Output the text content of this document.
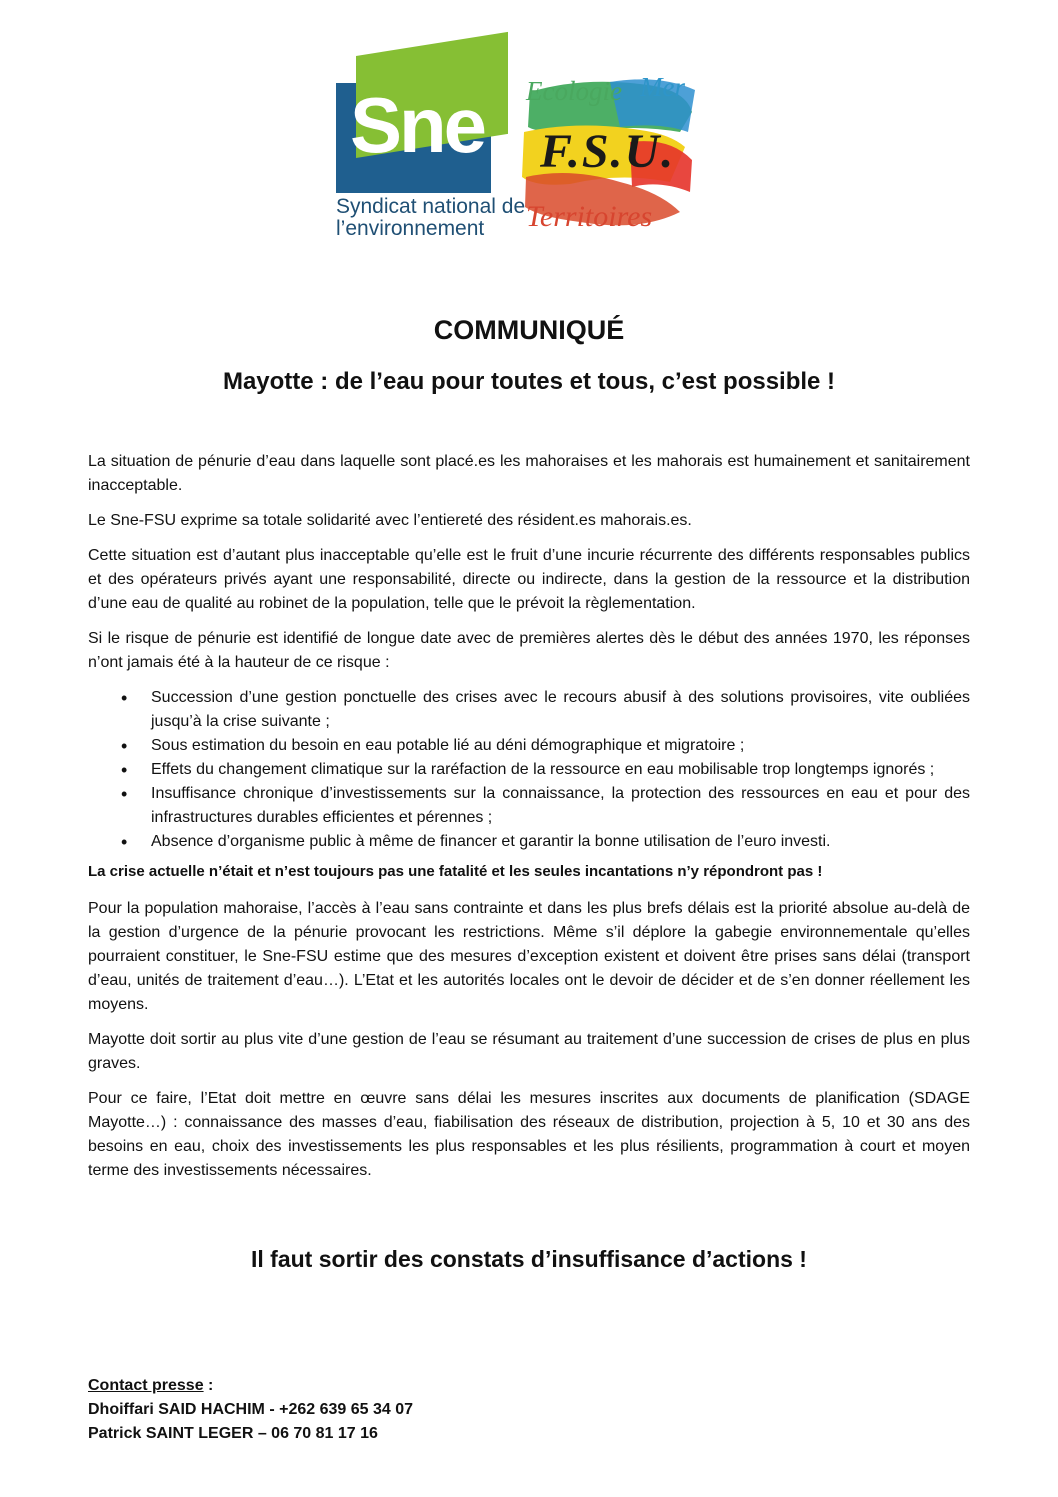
Sne
Syndicat national de
l’environnement
Ecologie Mer
F.S.U.
Territoires
COMMUNIQUÉ
Mayotte : de l’eau pour toutes et tous, c’est possible !

La situation de pénurie d’eau dans laquelle sont placé.es les mahoraises et les mahorais est humainement et sanitairement inacceptable.

Le Sne-FSU exprime sa totale solidarité avec l’entiereté des résident.es mahorais.es.

Cette situation est d’autant plus inacceptable qu’elle est le fruit d’une incurie récurrente des différents responsables publics et des opérateurs privés ayant une responsabilité, directe ou indirecte, dans la gestion de la ressource et la distribution d’une eau de qualité au robinet de la population, telle que le prévoit la règlementation.

Si le risque de pénurie est identifié de longue date avec de premières alertes dès le début des années 1970, les réponses n’ont jamais été à la hauteur de ce risque :

• Succession d’une gestion ponctuelle des crises avec le recours abusif à des solutions provisoires, vite oubliées jusqu’à la crise suivante ;
• Sous estimation du besoin en eau potable lié au déni démographique et migratoire ;
• Effets du changement climatique sur la raréfaction de la ressource en eau mobilisable trop longtemps ignorés ;
• Insuffisance chronique d’investissements sur la connaissance, la protection des ressources en eau et pour des infrastructures durables efficientes et pérennes ;
• Absence d’organisme public à même de financer et garantir la bonne utilisation de l’euro investi.

La crise actuelle n’était et n’est toujours pas une fatalité et les seules incantations n’y répondront pas !

Pour la population mahoraise, l’accès à l’eau sans contrainte et dans les plus brefs délais est la priorité absolue au-delà de la gestion d’urgence de la pénurie provocant les restrictions. Même s’il déplore la gabegie environnementale qu’elles pourraient constituer, le Sne-FSU estime que des mesures d’exception existent et doivent être prises sans délai (transport d’eau, unités de traitement d’eau…). L’Etat et les autorités locales ont le devoir de décider et de s’en donner réellement les moyens.

Mayotte doit sortir au plus vite d’une gestion de l’eau se résumant au traitement d’une succession de crises de plus en plus graves.

Pour ce faire, l’Etat doit mettre en œuvre sans délai les mesures inscrites aux documents de planification (SDAGE Mayotte…) : connaissance des masses d’eau, fiabilisation des réseaux de distribution, projection à 5, 10 et 30 ans des besoins en eau, choix des investissements les plus responsables et les plus résilients, programmation à court et moyen terme des investissements nécessaires.

Il faut sortir des constats d’insuffisance d’actions !
Contact presse :
Dhoiffari SAID HACHIM - +262 639 65 34 07
Patrick SAINT LEGER – 06 70 81 17 16
